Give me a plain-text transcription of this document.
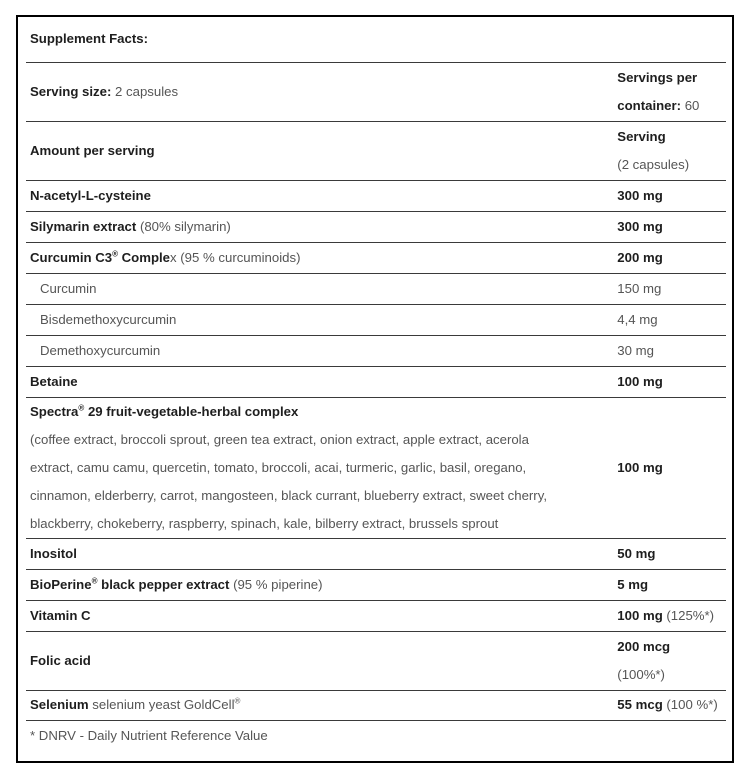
Supplement Facts:	
Serving size: 2 capsules	Servings per
container: 60
Amount per serving	Serving
(2 capsules)
N-acetyl-L-cysteine	300 mg
Silymarin extract (80% silymarin)	300 mg
Curcumin C3® Complex (95 % curcuminoids)	200 mg
Curcumin	150 mg
Bisdemethoxycurcumin	4,4 mg
Demethoxycurcumin	30 mg
Betaine	100 mg
Spectra® 29 fruit-vegetable-herbal complex
(coffee extract, broccoli sprout, green tea extract, onion extract, apple extract, acerola
extract, camu camu, quercetin, tomato, broccoli, acai, turmeric, garlic, basil, oregano,
cinnamon, elderberry, carrot, mangosteen, black currant, blueberry extract, sweet cherry,
blackberry, chokeberry, raspberry, spinach, kale, bilberry extract, brussels sprout	100 mg
Inositol	50 mg
BioPerine® black pepper extract (95 % piperine)	5 mg
Vitamin C	100 mg (125%*)
Folic acid	200 mcg
(100%*)
Selenium selenium yeast GoldCell®	55 mcg (100 %*)
* DNRV - Daily Nutrient Reference Value	
